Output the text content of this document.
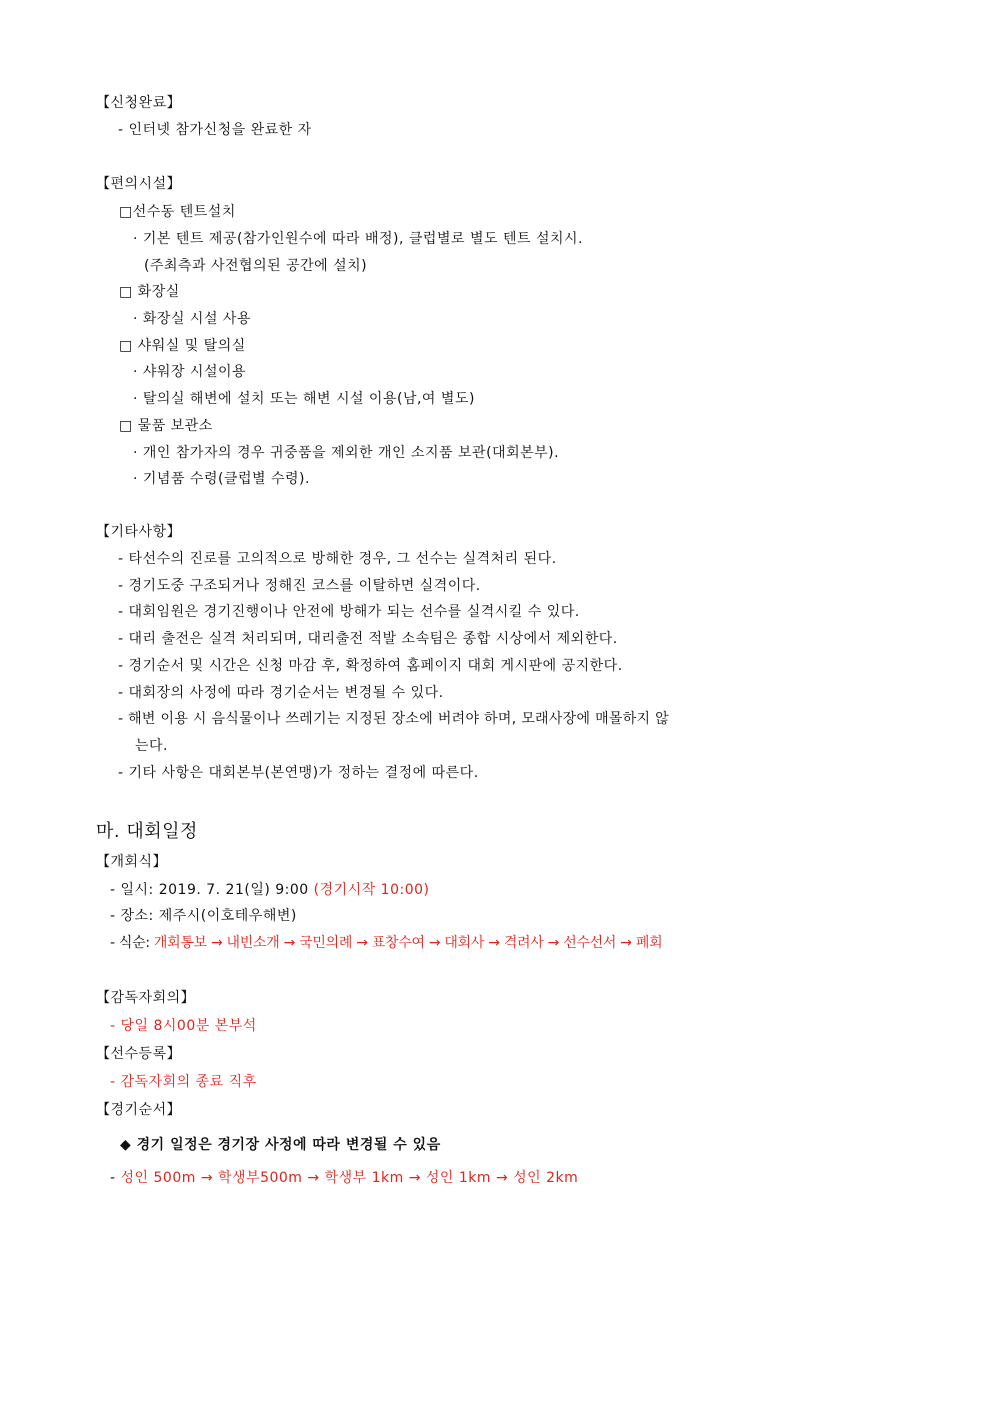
【신청완료】
- 인터넷 참가신청을 완료한 자
【편의시설】
□선수동 텐트설치
· 기본 텐트 제공(참가인원수에 따라 배정), 클럽별로 별도 텐트 설치시.
(주최측과 사전협의된 공간에 설치)
□ 화장실
· 화장실 시설 사용
□ 샤워실 및 탈의실
· 샤워장 시설이용
· 탈의실 해변에 설치 또는 해변 시설 이용(남,여 별도)
□ 물품 보관소
· 개인 참가자의 경우 귀중품을 제외한 개인 소지품 보관(대회본부).
· 기념품 수령(클럽별 수령).
【기타사항】
- 타선수의 진로를 고의적으로 방해한 경우, 그 선수는 실격처리 된다.
- 경기도중 구조되거나 정해진 코스를 이탈하면 실격이다.
- 대회임원은 경기진행이나 안전에 방해가 되는 선수를 실격시킬 수 있다.
- 대리 출전은 실격 처리되며, 대리출전 적발 소속팀은 종합 시상에서 제외한다.
- 경기순서 및 시간은 신청 마감 후, 확정하여 홈페이지 대회 게시판에 공지한다.
- 대회장의 사정에 따라 경기순서는 변경될 수 있다.
- 해변 이용 시 음식물이나 쓰레기는 지정된 장소에 버려야 하며, 모래사장에 매몰하지 않
는다.
- 기타 사항은 대회본부(본연맹)가 정하는 결정에 따른다.
마. 대회일정
【개회식】
- 일시: 2019. 7. 21(일) 9:00 (경기시작 10:00)
- 장소: 제주시(이호테우해변)
- 식순: 개회통보 → 내빈소개 → 국민의례 → 표창수여 → 대회사 → 격려사 → 선수선서 → 폐회
【감독자회의】
- 당일 8시00분 본부석
【선수등록】
- 감독자회의 종료 직후
【경기순서】
◆ 경기 일정은 경기장 사정에 따라 변경될 수 있음
- 성인 500m → 학생부500m → 학생부 1km → 성인 1km → 성인 2km
